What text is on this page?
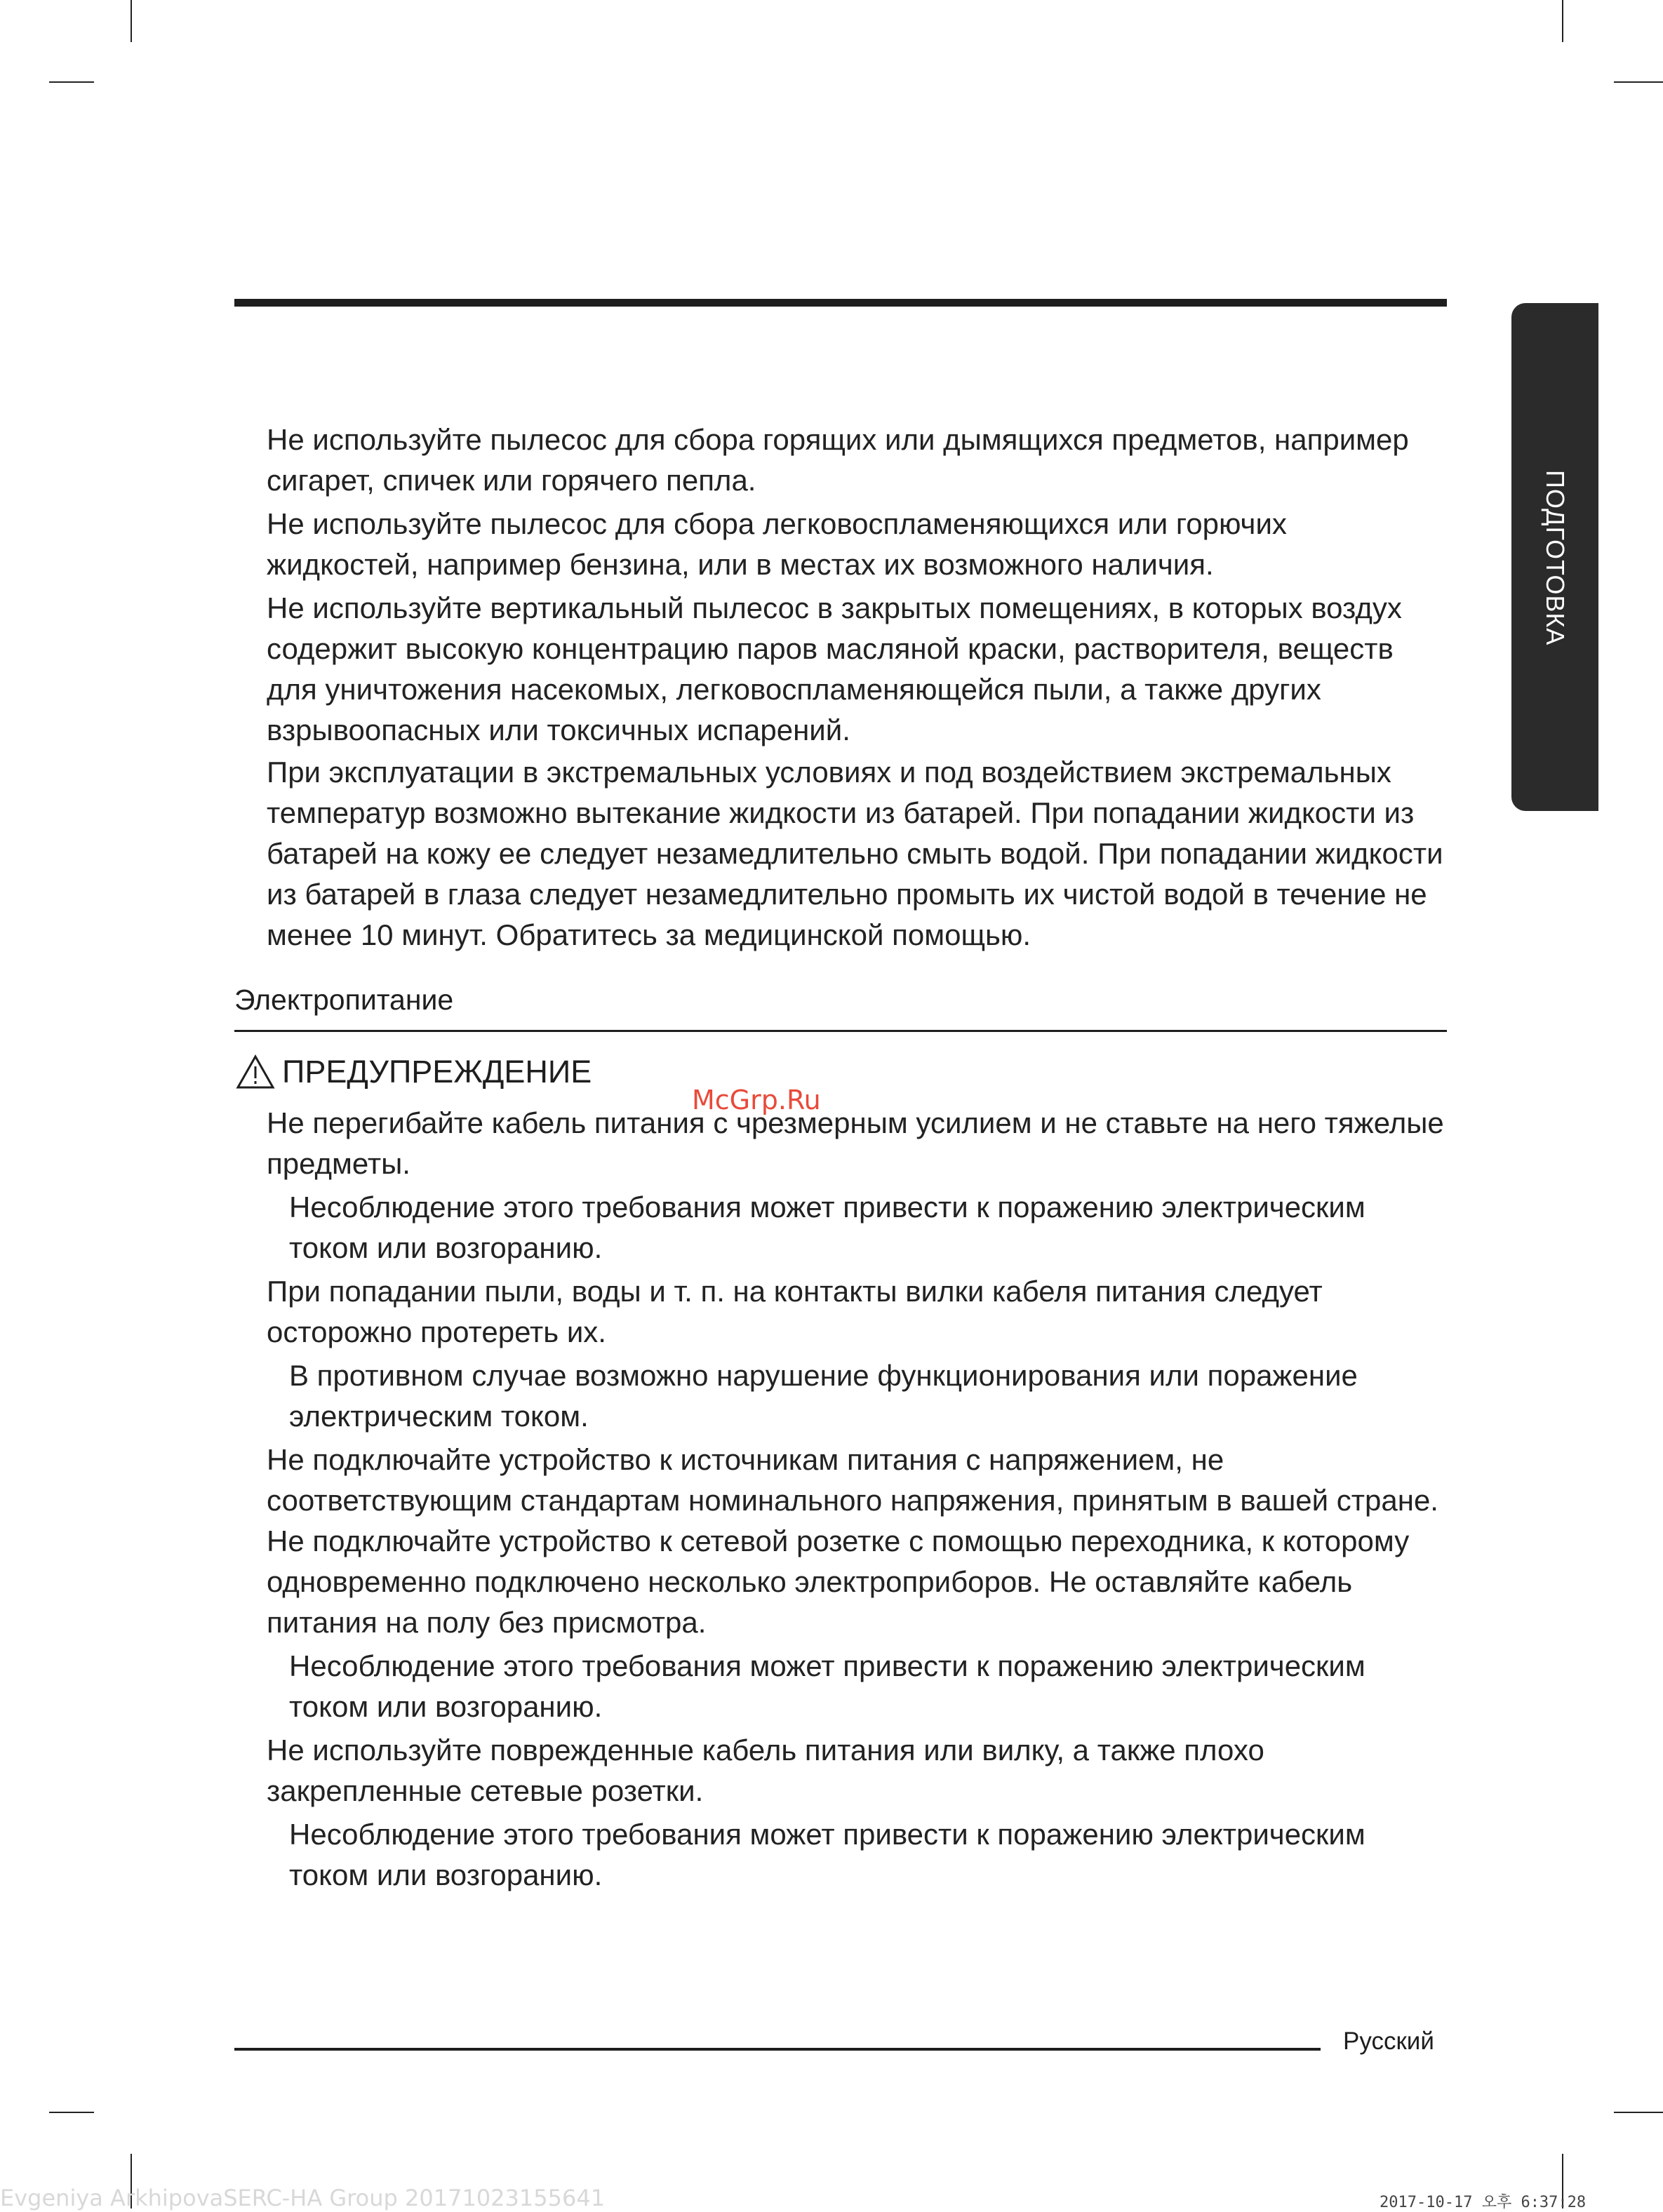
ПОДГОТОВКА
Не используйте пылесос для сбора горящих или дымящихся предметов, например
сигарет, спичек или горячего пепла.
Не используйте пылесос для сбора легковоспламеняющихся или горючих
жидкостей, например бензина, или в местах их возможного наличия.
Не используйте вертикальный пылесос в закрытых помещениях, в которых воздух
содержит высокую концентрацию паров масляной краски, растворителя, веществ
для уничтожения насекомых, легковоспламеняющейся пыли, а также других
взрывоопасных или токсичных испарений.
При эксплуатации в экстремальных условиях и под воздействием экстремальных
температур возможно вытекание жидкости из батарей. При попадании жидкости из
батарей на кожу ее следует незамедлительно смыть водой. При попадании жидкости
из батарей в глаза следует незамедлительно промыть их чистой водой в течение не
менее 10 минут. Обратитесь за медицинской помощью.
Электропитание
ПРЕДУПРЕЖДЕНИЕ
McGrp.Ru
Не перегибайте кабель питания с чрезмерным усилием и не ставьте на него тяжелые
предметы.
Несоблюдение этого требования может привести к поражению электрическим
током или возгоранию.
При попадании пыли, воды и т. п. на контакты вилки кабеля питания следует
осторожно протереть их.
В противном случае возможно нарушение функционирования или поражение
электрическим током.
Не подключайте устройство к источникам питания с напряжением, не
соответствующим стандартам номинального напряжения, принятым в вашей стране.
Не подключайте устройство к сетевой розетке с помощью переходника, к которому
одновременно подключено несколько электроприборов. Не оставляйте кабель
питания на полу без присмотра.
Несоблюдение этого требования может привести к поражению электрическим
током или возгоранию.
Не используйте поврежденные кабель питания или вилку, а также плохо
закрепленные сетевые розетки.
Несоблюдение этого требования может привести к поражению электрическим
током или возгоранию.
Русский
Evgeniya ArkhipovaSERC-HA Group 20171023155641	2017-10-17 오후 6:37:28
